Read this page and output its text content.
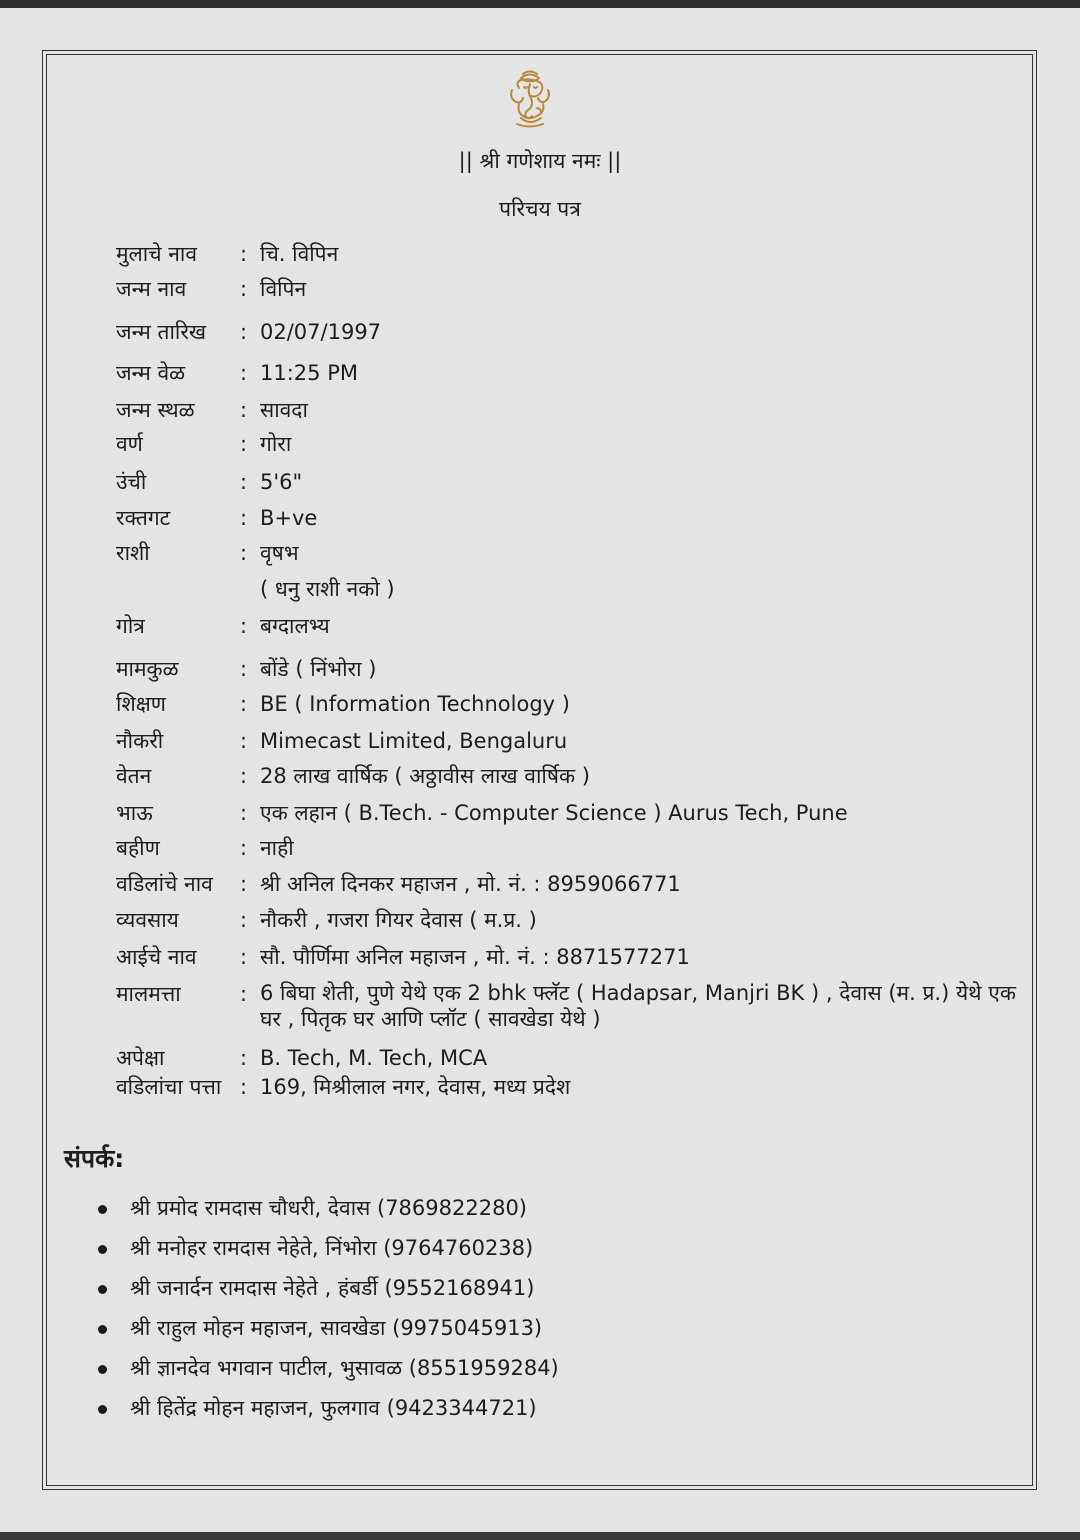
|| श्री गणेशाय नमः ||
परिचय पत्र
मुलाचे नाव : चि. विपिन
जन्म नाव	: विपिन
जन्म तारिख : 02/07/1997
जन्म वेळ	: 11:25 PM
जन्म स्थळ : सावदा
वर्ण	: गोरा
उंची	: 5'6"
रक्तगट	: B+ve
राशी	: वृषभ
( धनु राशी नको )
गोत्र	: बग्दालभ्य
मामकुळ	: बोंडे ( निंभोरा )
शिक्षण	: BE ( Information Technology )
नौकरी	: Mimecast Limited, Bengaluru
वेतन	: 28 लाख वार्षिक ( अठ्ठावीस लाख वार्षिक )
भाऊ	: एक लहान ( B.Tech. - Computer Science ) Aurus Tech, Pune
बहीण	: नाही
वडिलांचे नाव : श्री अनिल दिनकर महाजन , मो. नं. : 8959066771
व्यवसाय	: नौकरी , गजरा गियर देवास ( म.प्र. )
आईचे नाव : सौ. पौर्णिमा अनिल महाजन , मो. नं. : 8871577271
मालमत्ता	: 6 बिघा शेती, पुणे येथे एक 2 bhk फ्लॅट ( Hadapsar, Manjri BK ) , देवास (म. प्र.) येथे एक घर , पितृक घर आणि प्लॉट ( सावखेडा येथे )
अपेक्षा	: B. Tech, M. Tech, MCA
वडिलांचा पत्ता : 169, मिश्रीलाल नगर, देवास, मध्य प्रदेश
संपर्क:
श्री प्रमोद रामदास चौधरी, देवास (7869822280)
श्री मनोहर रामदास नेहेते, निंभोरा (9764760238)
श्री जनार्दन रामदास नेहेते , हंबर्डी (9552168941)
श्री राहुल मोहन महाजन, सावखेडा (9975045913)
श्री ज्ञानदेव भगवान पाटील, भुसावळ (8551959284)
श्री हितेंद्र मोहन महाजन, फुलगाव (9423344721)
